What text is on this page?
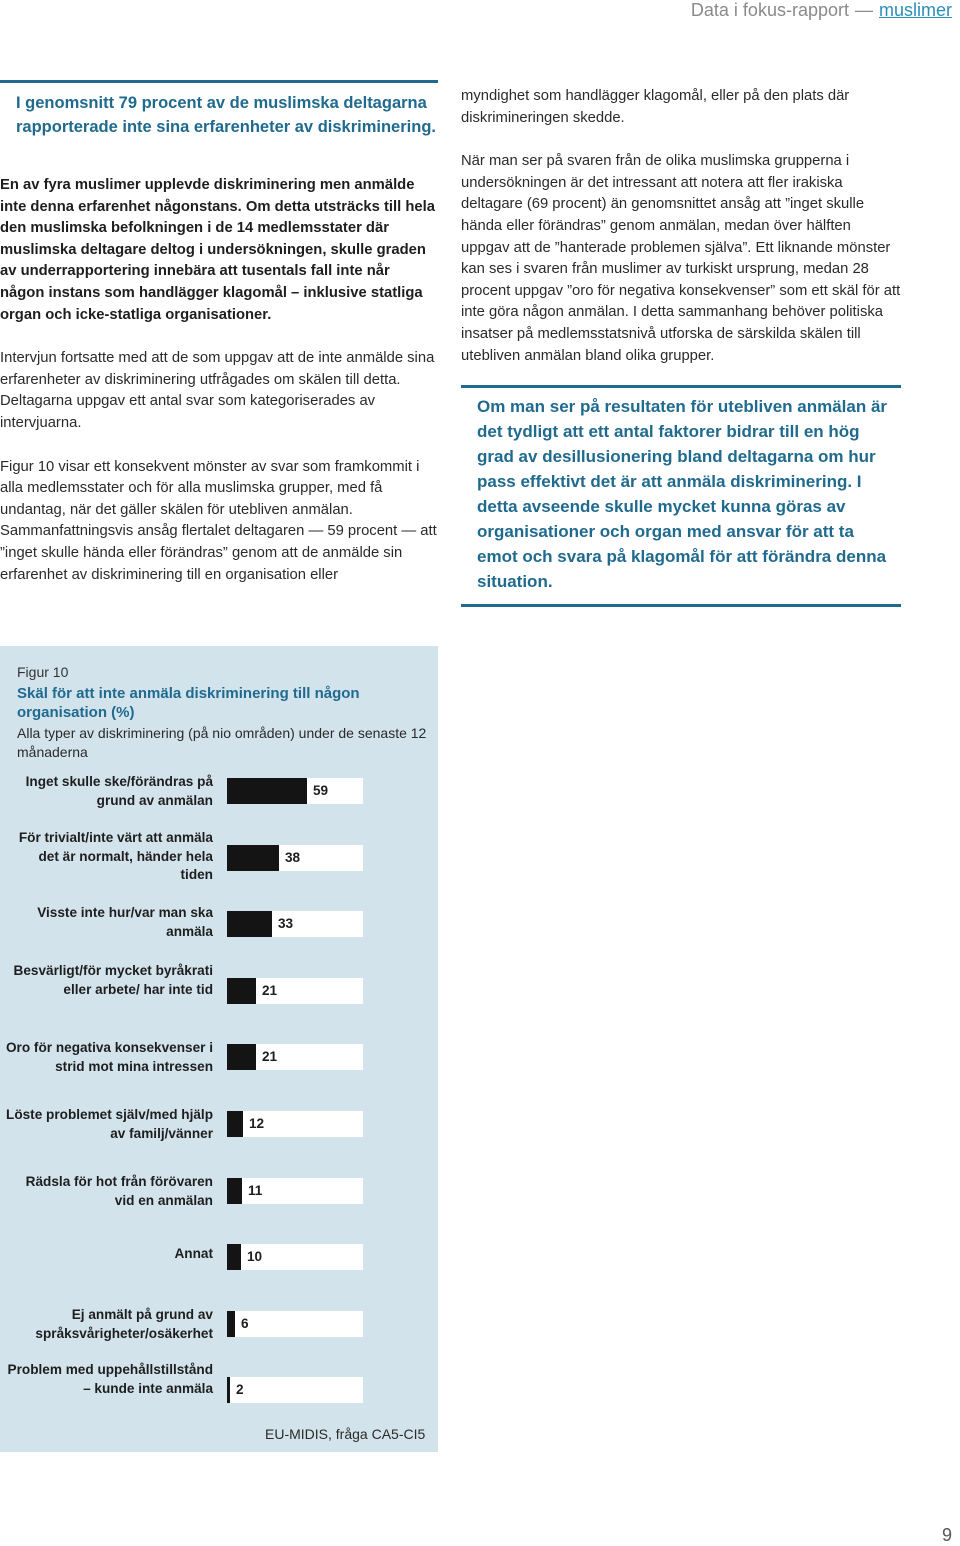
Data i fokus-rapport — muslimer

I genomsnitt 79 procent av de muslimska deltagarna rapporterade inte sina erfarenheter av diskriminering.

En av fyra muslimer upplevde diskriminering men anmälde inte denna erfarenhet någonstans. Om detta utsträcks till hela den muslimska befolkningen i de 14 medlemsstater där muslimska deltagare deltog i undersökningen, skulle graden av underrapportering innebära att tusentals fall inte når någon instans som handlägger klagomål – inklusive statliga organ och icke-statliga organisationer.

Intervjun fortsatte med att de som uppgav att de inte anmälde sina erfarenheter av diskriminering utfrågades om skälen till detta. Deltagarna uppgav ett antal svar som kategoriserades av intervjuarna.

Figur 10 visar ett konsekvent mönster av svar som framkommit i alla medlemsstater och för alla muslimska grupper, med få undantag, när det gäller skälen för utebliven anmälan. Sammanfattningsvis ansåg flertalet deltagaren — 59 procent — att ”inget skulle hända eller förändras” genom att de anmälde sin erfarenhet av diskriminering till en organisation eller

myndighet som handlägger klagomål, eller på den plats där diskrimineringen skedde.

När man ser på svaren från de olika muslimska grupperna i undersökningen är det intressant att notera att fler irakiska deltagare (69 procent) än genomsnittet ansåg att ”inget skulle hända eller förändras” genom anmälan, medan över hälften uppgav att de ”hanterade problemen själva”. Ett liknande mönster kan ses i svaren från muslimer av turkiskt ursprung, medan 28 procent uppgav ”oro för negativa konsekvenser” som ett skäl för att inte göra någon anmälan. I detta sammanhang behöver politiska insatser på medlemsstatsnivå utforska de särskilda skälen till utebliven anmälan bland olika grupper.

Om man ser på resultaten för utebliven anmälan är det tydligt att ett antal faktorer bidrar till en hög grad av desillusionering bland deltagarna om hur pass effektivt det är att anmäla diskriminering. I detta avseende skulle mycket kunna göras av organisationer och organ med ansvar för att ta emot och svara på klagomål för att förändra denna situation.

Figur 10
Skäl för att inte anmäla diskriminering till någon organisation (%)
Alla typer av diskriminering (på nio områden) under de senaste 12 månaderna
Inget skulle ske/förändras på grund av anmälan
59
För trivialt/inte värt att anmäla det är normalt, händer hela tiden
38
Visste inte hur/var man ska anmäla	33
Besvärligt/för mycket byråkrati eller arbete/ har inte tid	21
Oro för negativa konsekvenser i strid mot mina intressen
21
Löste problemet själv/med hjälp av familj/vänner
12
Rädsla för hot från förövaren vid en anmälan
11
Annat	10
Ej anmält på grund av språksvårigheter/osäkerhet
6
Problem med uppehållstillstånd – kunde inte anmäla 2
EU-MIDIS, fråga CA5-CI5
9
